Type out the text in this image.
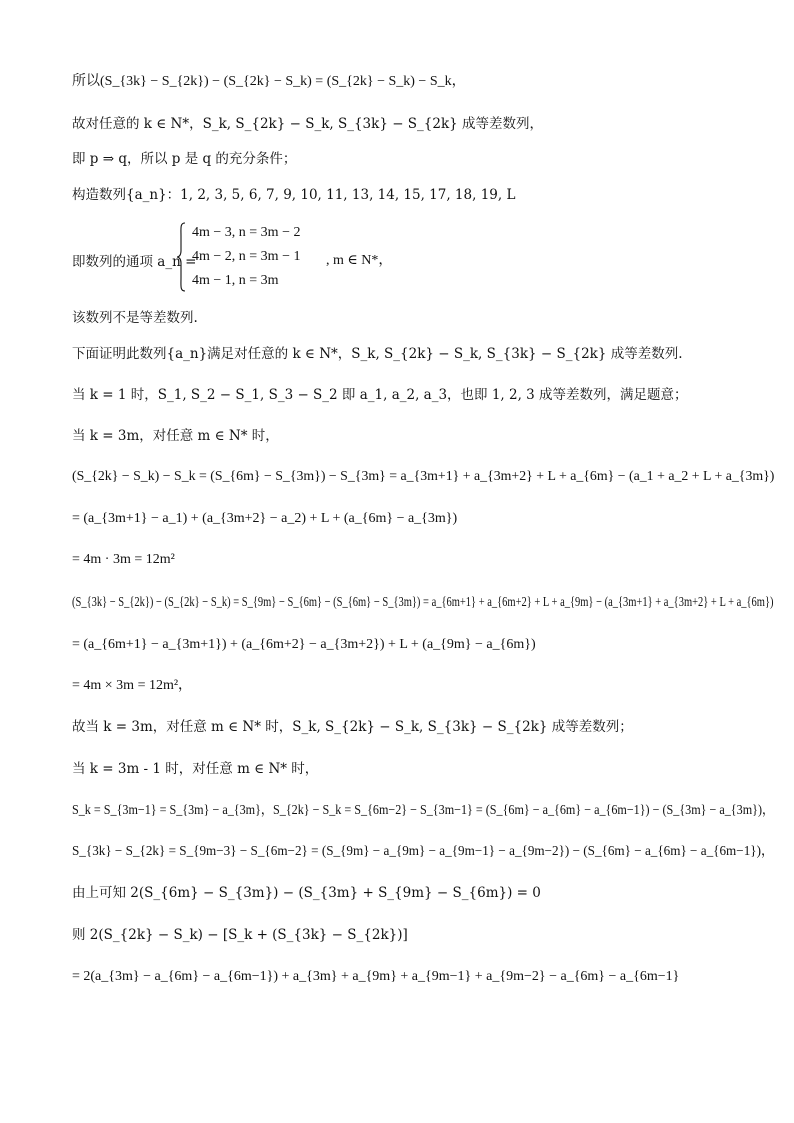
所以(S_{3k} − S_{2k}) − (S_{2k} − S_k) = (S_{2k} − S_k) − S_k，
故对任意的 k ∈ N*，S_k, S_{2k} − S_k, S_{3k} − S_{2k} 成等差数列，
即 p ⇒ q，所以 p 是 q 的充分条件；
构造数列{a_n}：1, 2, 3, 5, 6, 7, 9, 10, 11, 13, 14, 15, 17, 18, 19, L
即数列的通项 a_n =
4m − 3, n = 3m − 2
4m − 2, n = 3m − 1
4m − 1, n = 3m
, m ∈ N*，
该数列不是等差数列.
下面证明此数列{a_n}满足对任意的 k ∈ N*，S_k, S_{2k} − S_k, S_{3k} − S_{2k} 成等差数列.
当 k = 1 时，S_1, S_2 − S_1, S_3 − S_2 即 a_1, a_2, a_3，也即 1, 2, 3 成等差数列，满足题意；
当 k = 3m，对任意 m ∈ N* 时，
(S_{2k} − S_k) − S_k = (S_{6m} − S_{3m}) − S_{3m} = a_{3m+1} + a_{3m+2} + L + a_{6m} − (a_1 + a_2 + L + a_{3m})
= (a_{3m+1} − a_1) + (a_{3m+2} − a_2) + L + (a_{6m} − a_{3m})
= 4m · 3m = 12m²
(S_{3k} − S_{2k}) − (S_{2k} − S_k) = S_{9m} − S_{6m} − (S_{6m} − S_{3m}) = a_{6m+1} + a_{6m+2} + L + a_{9m} − (a_{3m+1} + a_{3m+2} + L + a_{6m})
= (a_{6m+1} − a_{3m+1}) + (a_{6m+2} − a_{3m+2}) + L + (a_{9m} − a_{6m})
= 4m × 3m = 12m²，
故当 k = 3m，对任意 m ∈ N* 时，S_k, S_{2k} − S_k, S_{3k} − S_{2k} 成等差数列；
当 k = 3m - 1 时，对任意 m ∈ N* 时，
S_k = S_{3m−1} = S_{3m} − a_{3m}，S_{2k} − S_k = S_{6m−2} − S_{3m−1} = (S_{6m} − a_{6m} − a_{6m−1}) − (S_{3m} − a_{3m})，
S_{3k} − S_{2k} = S_{9m−3} − S_{6m−2} = (S_{9m} − a_{9m} − a_{9m−1} − a_{9m−2}) − (S_{6m} − a_{6m} − a_{6m−1})，
由上可知 2(S_{6m} − S_{3m}) − (S_{3m} + S_{9m} − S_{6m}) = 0
则 2(S_{2k} − S_k) − [S_k + (S_{3k} − S_{2k})]
= 2(a_{3m} − a_{6m} − a_{6m−1}) + a_{3m} + a_{9m} + a_{9m−1} + a_{9m−2} − a_{6m} − a_{6m−1}
